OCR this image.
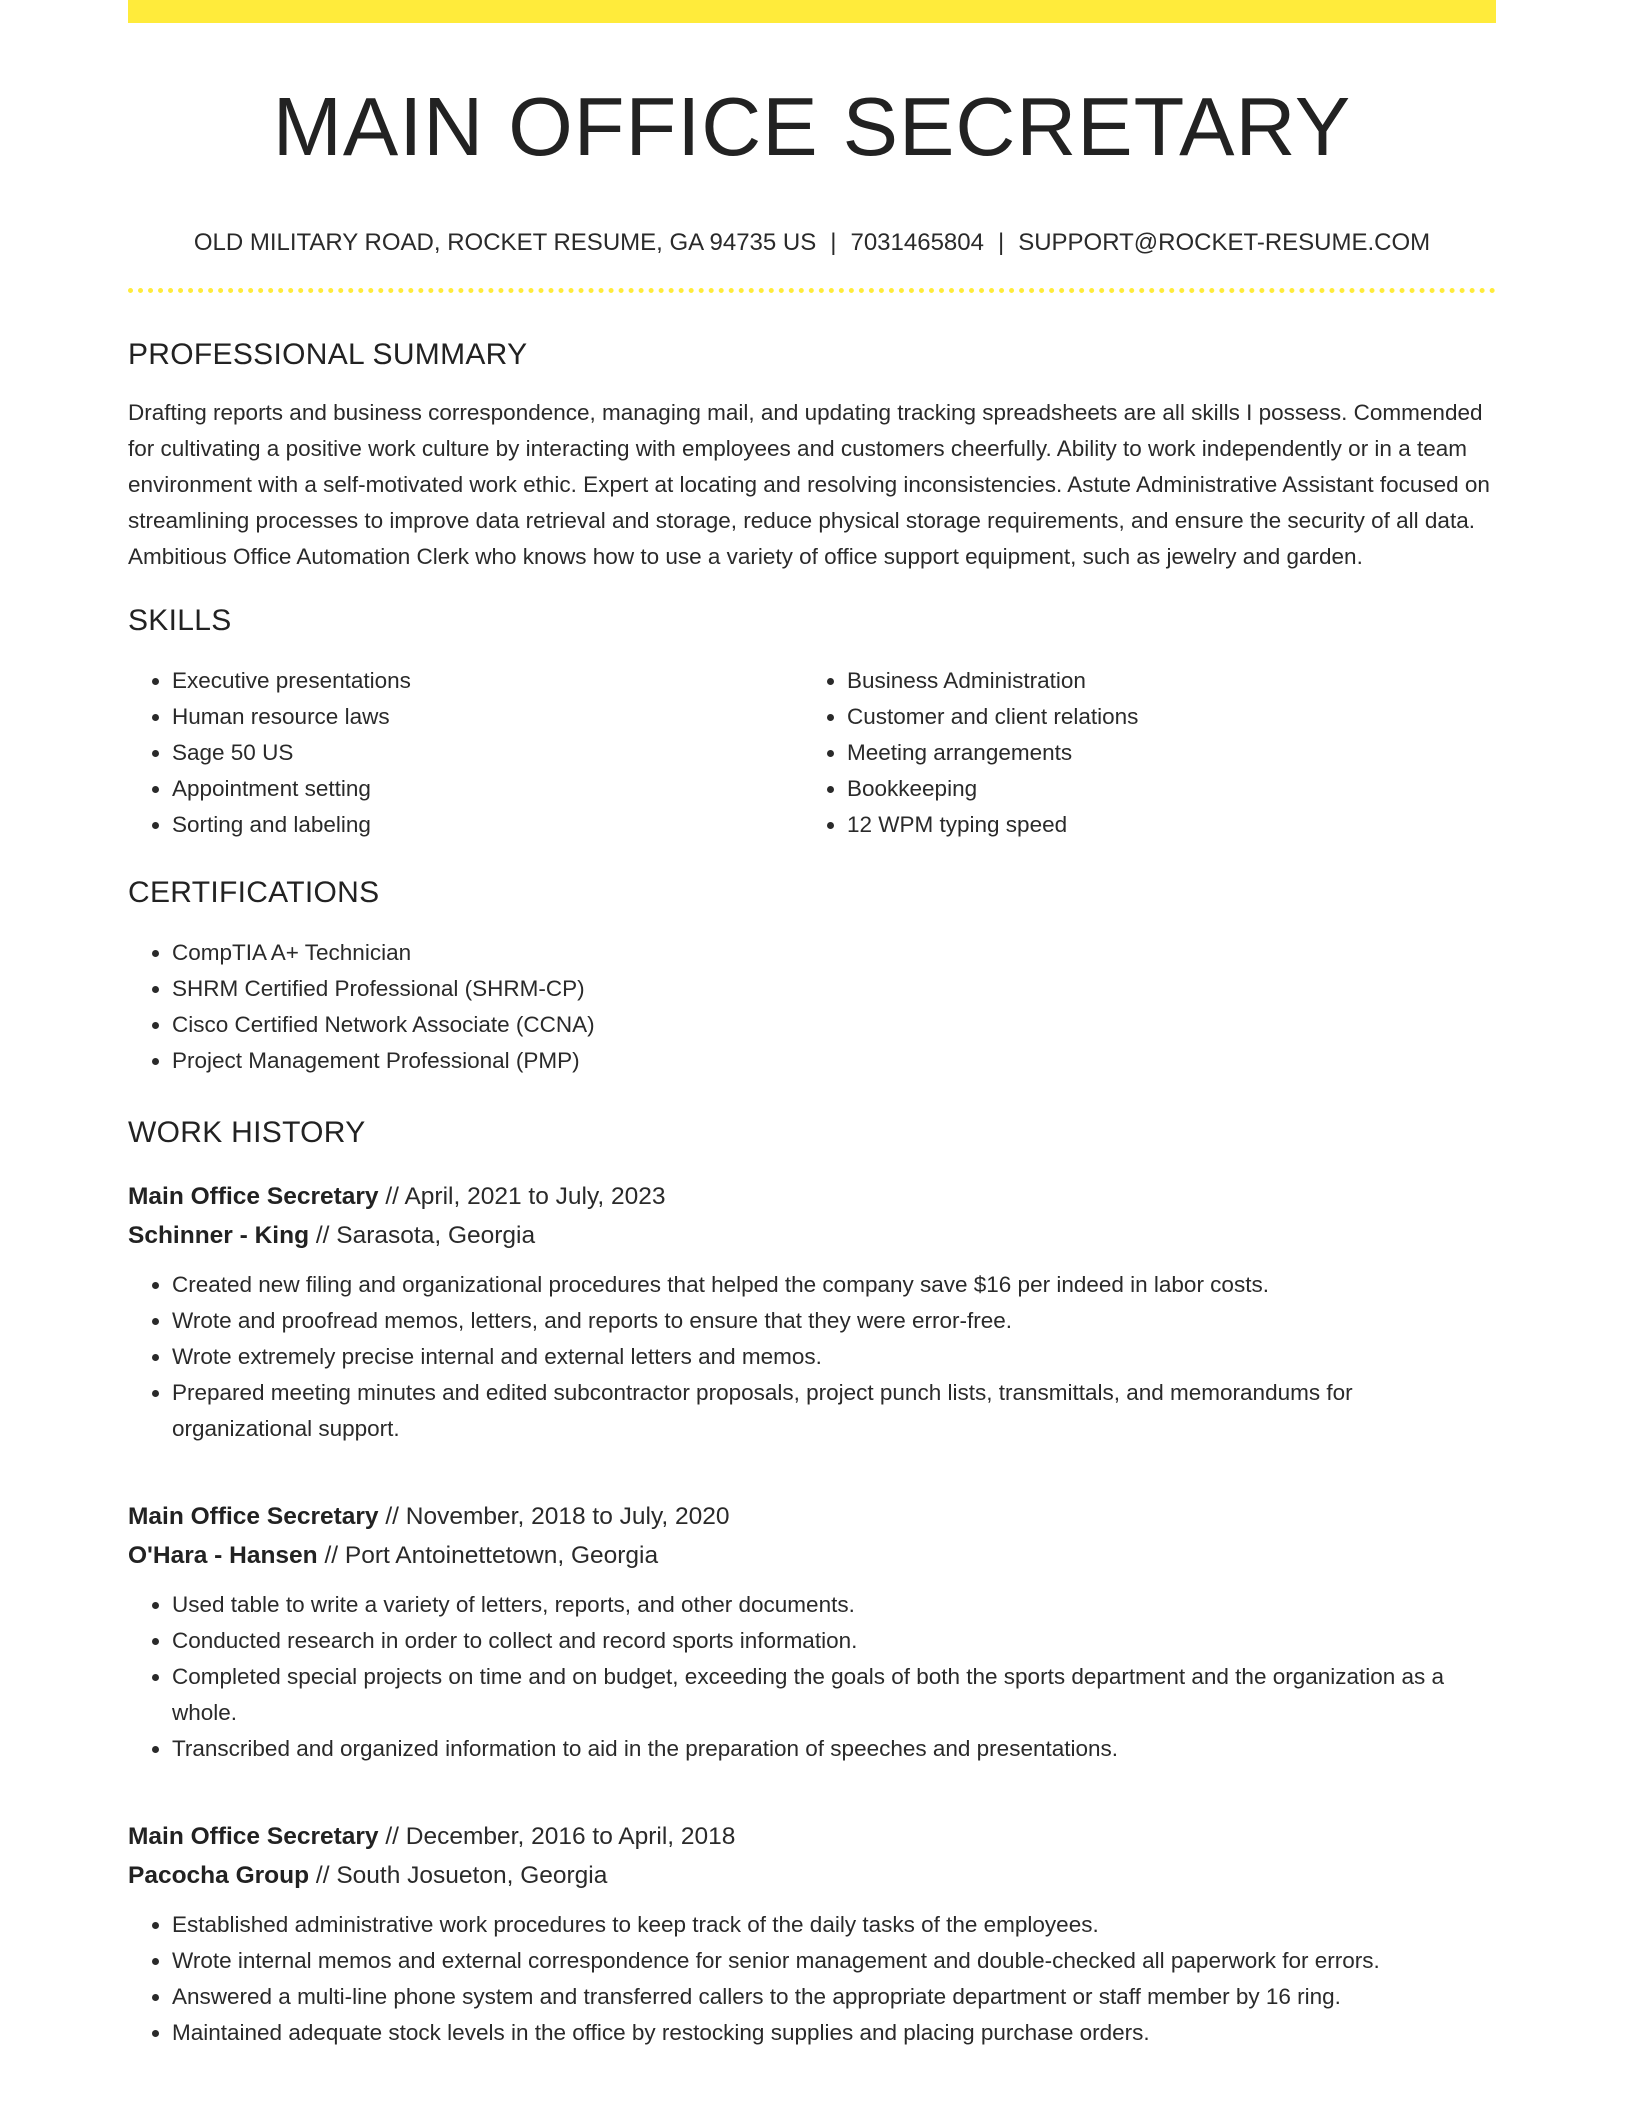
MAIN OFFICE SECRETARY
OLD MILITARY ROAD, ROCKET RESUME, GA 94735 US | 7031465804 | SUPPORT@ROCKET-RESUME.COM
PROFESSIONAL SUMMARY

Drafting reports and business correspondence, managing mail, and updating tracking spreadsheets are all skills I possess. Commended for cultivating a positive work culture by interacting with employees and customers cheerfully. Ability to work independently or in a team environment with a self-motivated work ethic. Expert at locating and resolving inconsistencies. Astute Administrative Assistant focused on streamlining processes to improve data retrieval and storage, reduce physical storage requirements, and ensure the security of all data. Ambitious Office Automation Clerk who knows how to use a variety of office support equipment, such as jewelry and garden.

SKILLS
• Executive presentations
• Human resource laws
• Sage 50 US
• Appointment setting
• Sorting and labeling
• Business Administration
• Customer and client relations
• Meeting arrangements
• Bookkeeping
• 12 WPM typing speed
CERTIFICATIONS
• CompTIA A+ Technician
• SHRM Certified Professional (SHRM-CP)
• Cisco Certified Network Associate (CCNA)
• Project Management Professional (PMP)
WORK HISTORY
Main Office Secretary // April, 2021 to July, 2023
Schinner - King // Sarasota, Georgia
• Created new filing and organizational procedures that helped the company save $16 per indeed in labor costs.
• Wrote and proofread memos, letters, and reports to ensure that they were error-free.
• Wrote extremely precise internal and external letters and memos.
• Prepared meeting minutes and edited subcontractor proposals, project punch lists, transmittals, and memorandums for organizational support.
Main Office Secretary // November, 2018 to July, 2020
O'Hara - Hansen // Port Antoinettetown, Georgia
• Used table to write a variety of letters, reports, and other documents.
• Conducted research in order to collect and record sports information.
• Completed special projects on time and on budget, exceeding the goals of both the sports department and the organization as a whole.
• Transcribed and organized information to aid in the preparation of speeches and presentations.
Main Office Secretary // December, 2016 to April, 2018
Pacocha Group // South Josueton, Georgia
• Established administrative work procedures to keep track of the daily tasks of the employees.
• Wrote internal memos and external correspondence for senior management and double-checked all paperwork for errors.
• Answered a multi-line phone system and transferred callers to the appropriate department or staff member by 16 ring.
• Maintained adequate stock levels in the office by restocking supplies and placing purchase orders.
